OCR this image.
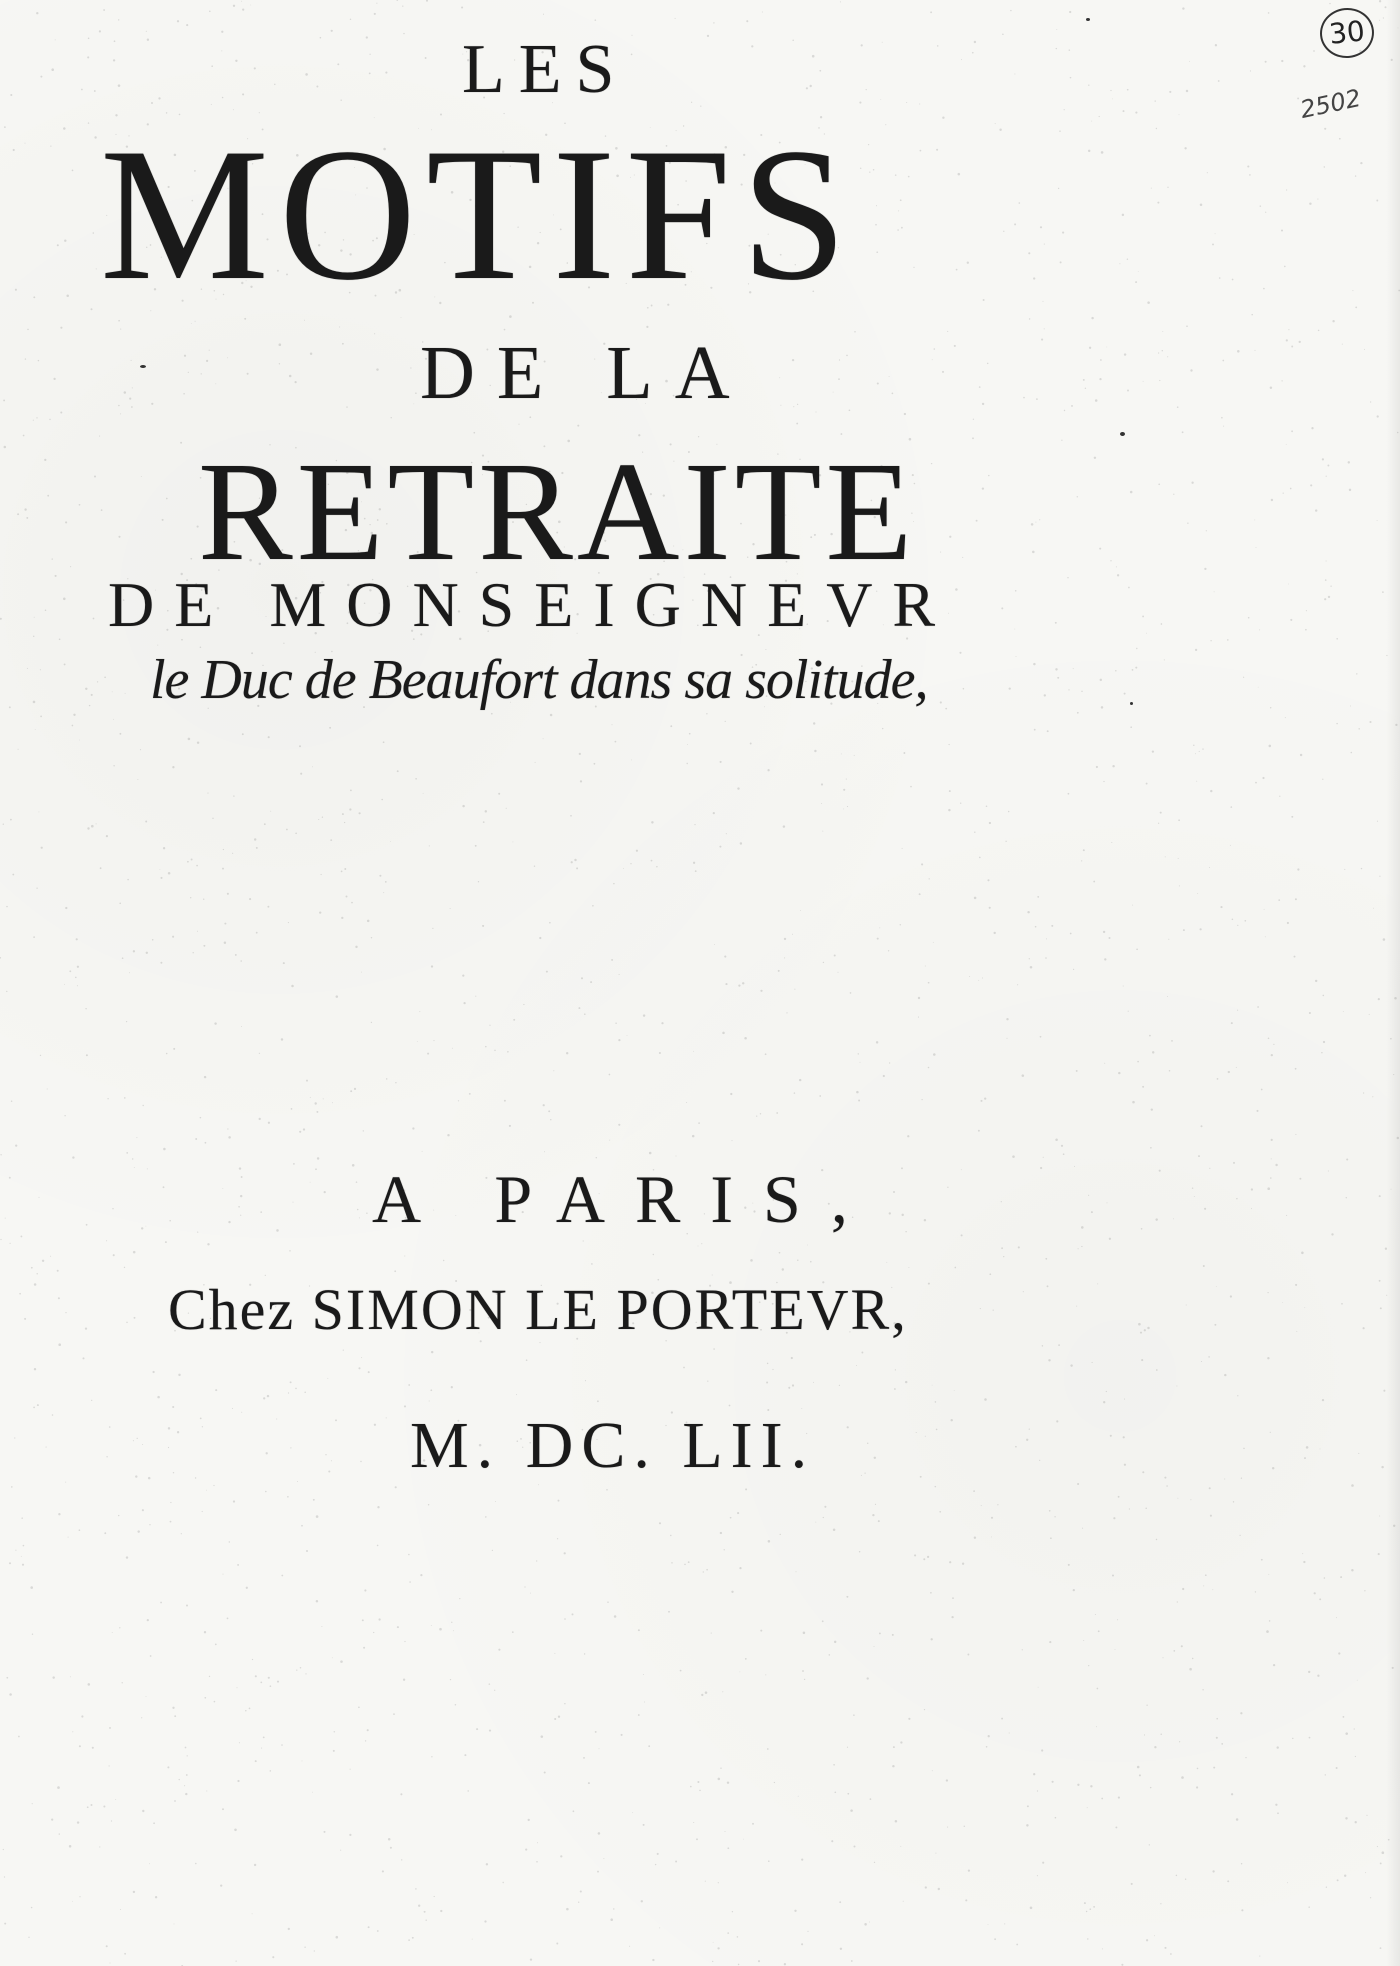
LES
MOTIFS
DE LA
RETRAITE
DE MONSEIGNEVR
le Duc de Beaufort dans sa solitude,
A PARIS,
Chez SIMON LE PORTEVR,
M. DC. LII.
30
2502
